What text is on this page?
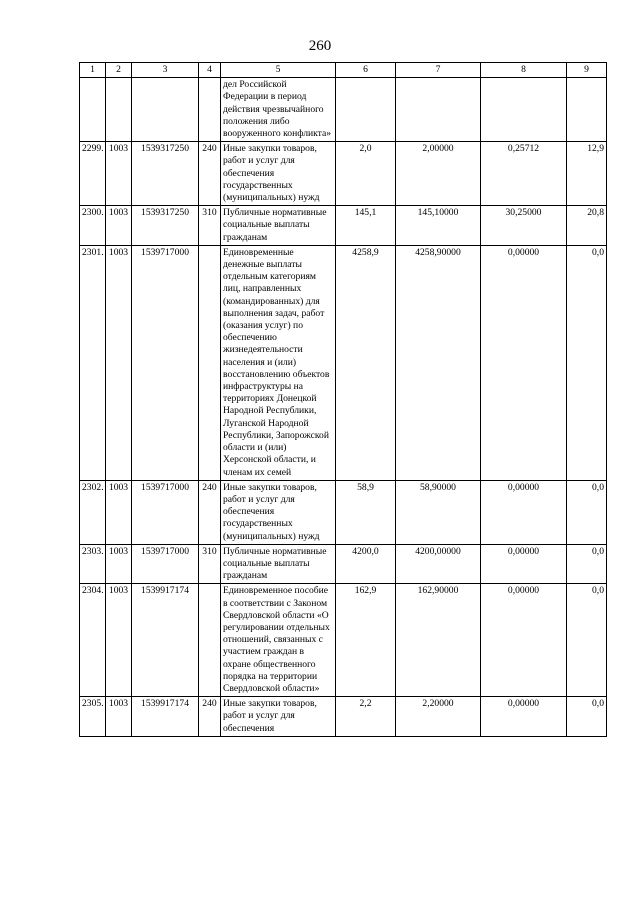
260
1	2	3	4	5	6	7	8	9
				дел Российской Федерации в период действия чрезвычайного положения либо вооруженного конфликта»				
2299.	1003	1539317250	240	Иные закупки товаров, работ и услуг для обеспечения государственных (муниципальных) нужд	2,0	2,00000	0,25712	12,9
2300.	1003	1539317250	310	Публичные нормативные социальные выплаты гражданам	145,1	145,10000	30,25000	20,8
2301.	1003	1539717000		Единовременные денежные выплаты отдельным категориям лиц, направленных (командированных) для выполнения задач, работ (оказания услуг) по обеспечению жизнедеятельности населения и (или) восстановлению объектов инфраструктуры на территориях Донецкой Народной Республики, Луганской Народной Республики, Запорожской области и (или) Херсонской области, и членам их семей	4258,9	4258,90000	0,00000	0,0
2302.	1003	1539717000	240	Иные закупки товаров, работ и услуг для обеспечения государственных (муниципальных) нужд	58,9	58,90000	0,00000	0,0
2303.	1003	1539717000	310	Публичные нормативные социальные выплаты гражданам	4200,0	4200,00000	0,00000	0,0
2304.	1003	1539917174		Единовременное пособие в соответствии с Законом Свердловской области «О регулировании отдельных отношений, связанных с участием граждан в охране общественного порядка на территории Свердловской области»	162,9	162,90000	0,00000	0,0
2305.	1003	1539917174	240	Иные закупки товаров, работ и услуг для обеспечения	2,2	2,20000	0,00000	0,0
